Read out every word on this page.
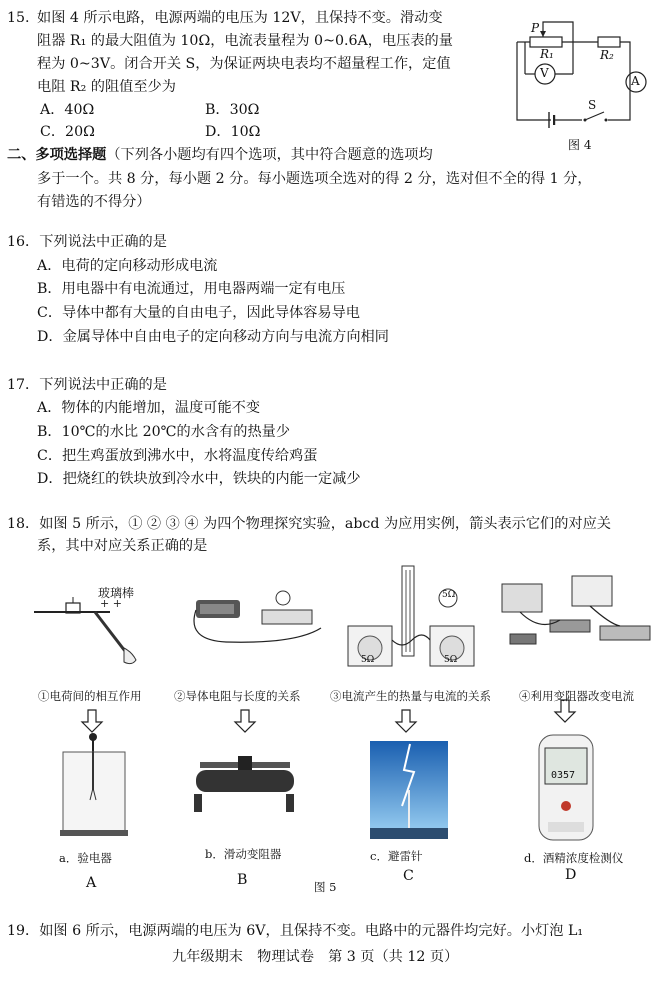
15. 如图 4 所示电路，电源两端的电压为 12V，且保持不变。滑动变
阻器 R₁ 的最大阻值为 10Ω，电流表量程为 0~0.6A，电压表的量
程为 0~3V。闭合开关 S，为保证两块电表均不超量程工作，定值
电阻 R₂ 的阻值至少为
A．40Ω	B．30Ω
C．20Ω	D．10Ω
P
R₁	R₂
V
A
S
图 4
二、多项选择题（下列各小题均有四个选项，其中符合题意的选项均
多于一个。共 8 分，每小题 2 分。每小题选项全选对的得 2 分，选对但不全的得 1 分，
有错选的不得分）
16．下列说法中正确的是
A．电荷的定向移动形成电流
B．用电器中有电流通过，用电器两端一定有电压
C．导体中都有大量的自由电子，因此导体容易导电
D．金属导体中自由电子的定向移动方向与电流方向相同
17．下列说法中正确的是
A．物体的内能增加，温度可能不变
B．10℃的水比 20℃的水含有的热量少
C．把生鸡蛋放到沸水中，水将温度传给鸡蛋
D．把烧红的铁块放到冷水中，铁块的内能一定减少
18．如图 5 所示，① ② ③ ④ 为四个物理探究实验，abcd 为应用实例，箭头表示它们的对应关
系，其中对应关系正确的是
+ +
玻璃棒	5Ω
5Ω	5Ω
0357
①电荷间的相互作用	②导体电阻与长度的关系	③电流产生的热量与电流的关系 ④利用变阻器改变电流
a．验电器	b．滑动变阻器	c．避雷针	d．酒精浓度检测仪
A	B	C	D
图 5
19．如图 6 所示，电源两端的电压为 6V，且保持不变。电路中的元器件均完好。小灯泡 L₁
九年级期末　物理试卷　第 3 页（共 12 页）
